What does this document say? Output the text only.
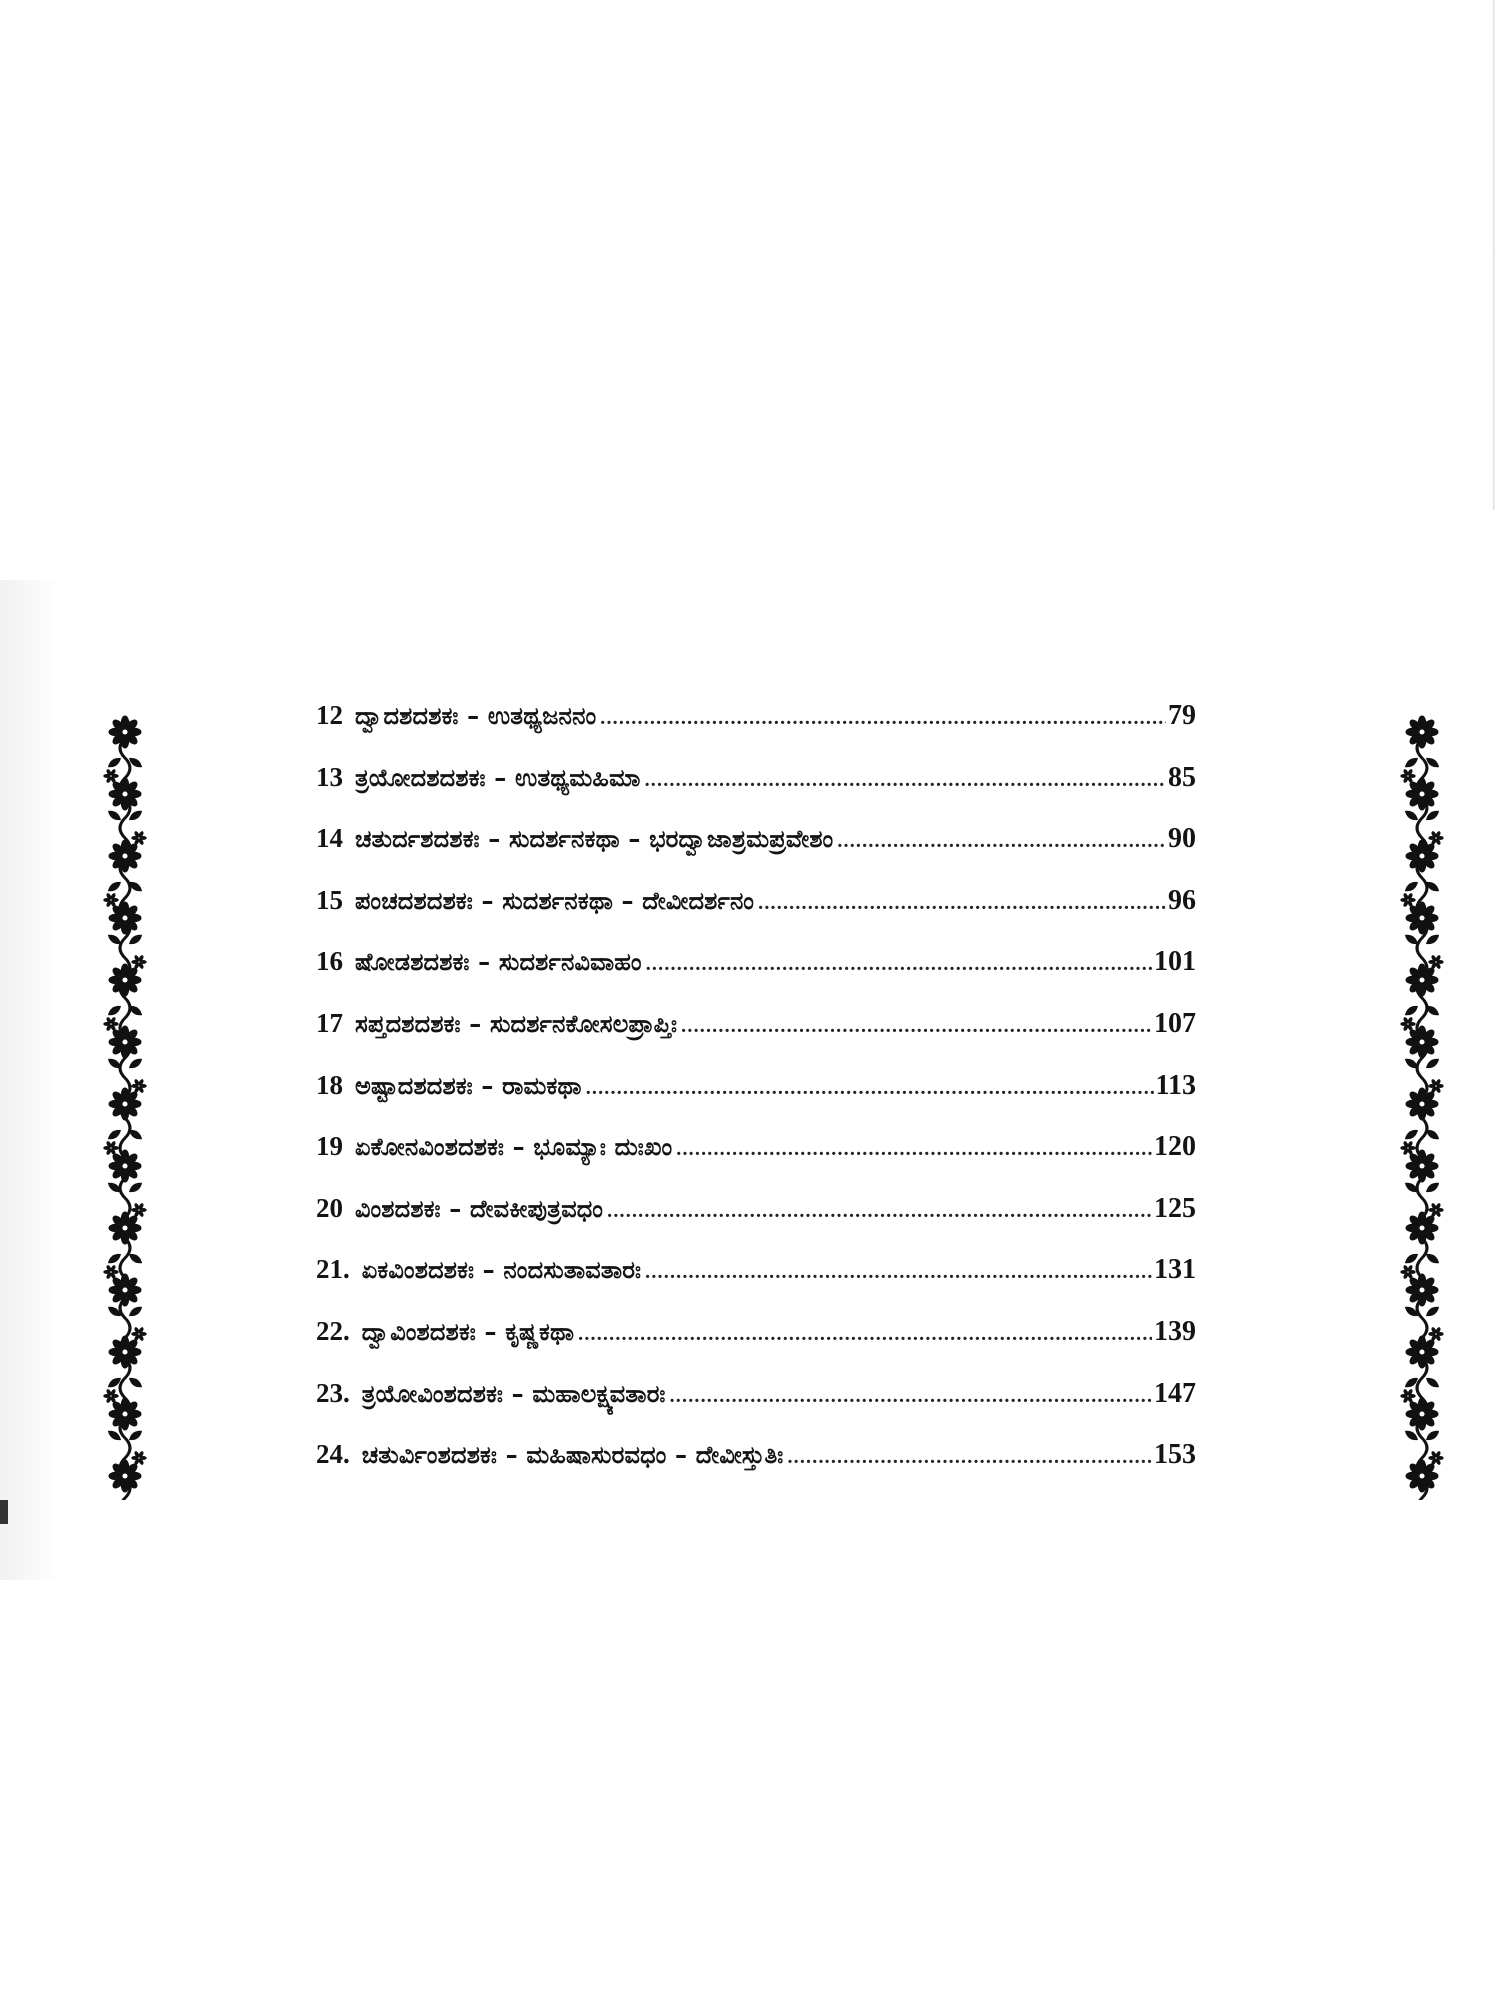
12 ದ್ವಾದಶದಶಕಃ – ಉತಥ್ಯಜನನಂ .....	79
13 ತ್ರಯೋದಶದಶಕಃ – ಉತಥ್ಯಮಹಿಮಾ .....	85
14 ಚತುರ್ದಶದಶಕಃ – ಸುದರ್ಶನಕಥಾ – ಭರದ್ವಾಜಾಶ್ರಮಪ್ರವೇಶಂ .....	90
15 ಪಂಚದಶದಶಕಃ – ಸುದರ್ಶನಕಥಾ – ದೇವೀದರ್ಶನಂ .....	96
16 ಷೋಡಶದಶಕಃ – ಸುದರ್ಶನವಿವಾಹಂ .....	101
17 ಸಪ್ತದಶದಶಕಃ – ಸುದರ್ಶನಕೋಸಲಪ್ರಾಪ್ತಿಃ .....	107
18 ಅಷ್ಟಾದಶದಶಕಃ – ರಾಮಕಥಾ .....	113
19 ಏಕೋನವಿಂಶದಶಕಃ – ಭೂಮ್ಯಾಃ ದುಃಖಂ .....	120
20 ವಿಂಶದಶಕಃ – ದೇವಕೀಪುತ್ರವಧಂ .....	125
21. ಏಕವಿಂಶದಶಕಃ – ನಂದಸುತಾವತಾರಃ .....	131
22. ದ್ವಾವಿಂಶದಶಕಃ – ಕೃಷ್ಣಕಥಾ .....	139
23. ತ್ರಯೋವಿಂಶದಶಕಃ – ಮಹಾಲಕ್ಷ್ಯವತಾರಃ .....	147
24. ಚತುರ್ವಿಂಶದಶಕಃ – ಮಹಿಷಾಸುರವಧಂ – ದೇವೀಸ್ತುತಿಃ .....	153
